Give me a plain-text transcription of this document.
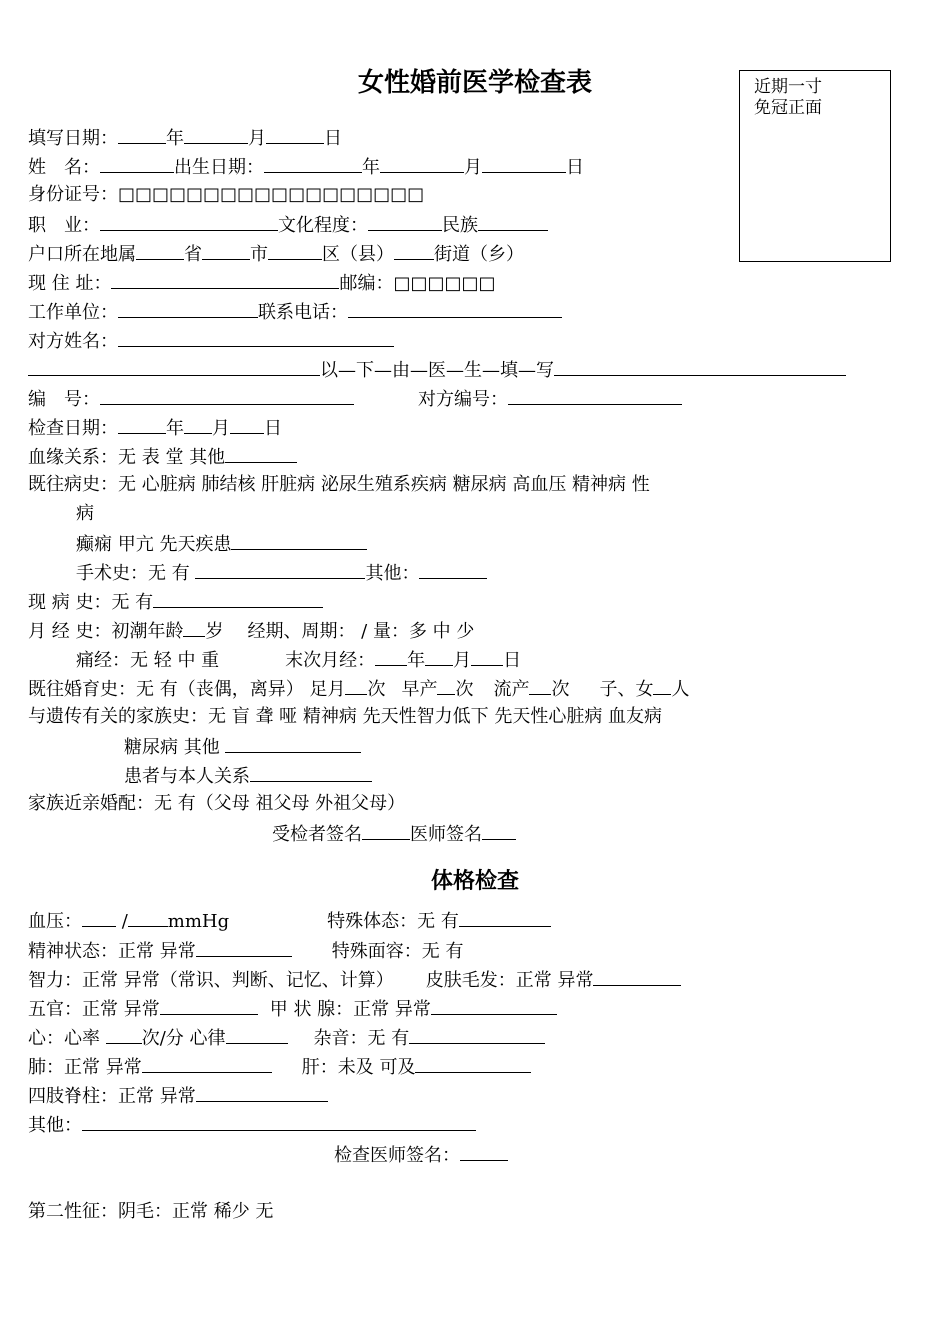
女性婚前医学检查表	近期一寸
免冠正面
填写日期：	年	月	日
姓　名：	出生日期：	年	月	日
身份证号：□□□□□□□□□□□□□□□□□□
职　业：	文化程度：	民族
户口所在地属	省	市	区（县） 街道（乡）
现 住 址：	邮编：□□□□□□
工作单位：	联系电话：
对方姓名：
以—下—由—医—生—填—写
编　号：	对方编号：
检查日期：	年 月 日
血缘关系：无 表 堂 其他
既往病史：无 心脏病 肺结核 肝脏病 泌尿生殖系疾病 糖尿病 高血压 精神病 性
病
癫痫 甲亢 先天疾患
手术史：无 有	其他：
现 病 史：无 有
月 经 史：初潮年龄 岁 经期、周期： / 量：多 中 少
痛经：无 轻 中 重	末次月经： 年 月 日
既往婚育史：无 有（丧偶，离异） 足月 次 早产 次 流产 次 子、女 人
与遗传有关的家族史：无 盲 聋 哑 精神病 先天性智力低下 先天性心脏病 血友病
糖尿病 其他
患者与本人关系
家族近亲婚配：无 有（父母 祖父母 外祖父母）
受检者签名	医师签名
体格检查
血压： / mmHg	特殊体态：无 有
精神状态：正常 异常	特殊面容：无 有
智力：正常 异常（常识、判断、记忆、计算） 皮肤毛发：正常 异常
五官：正常 异常	甲 状 腺：正常 异常
心：心率 次/分 心律	杂音：无 有
肺：正常 异常	肝：未及 可及
四肢脊柱：正常 异常
其他：
检查医师签名：
第二性征：阴毛：正常 稀少 无
